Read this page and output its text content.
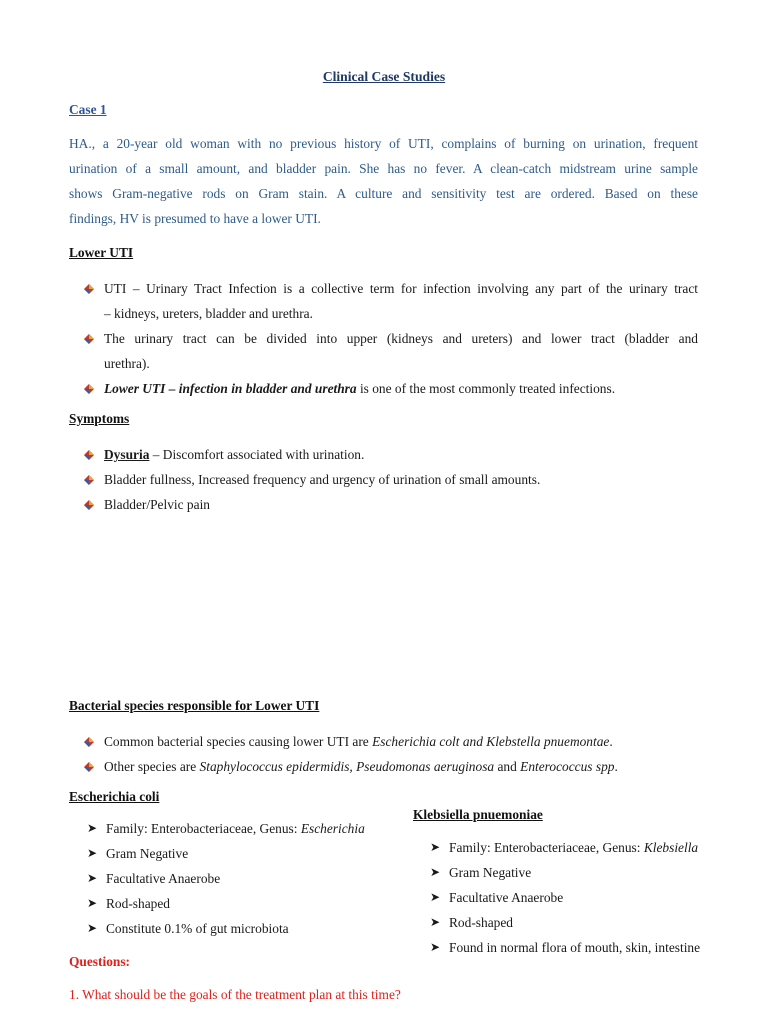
Clinical Case Studies
Case 1
HA., a 20-year old woman with no previous history of UTI, complains of burning on urination, frequent
urination of a small amount, and bladder pain. She has no fever. A clean-catch midstream urine sample
shows Gram-negative rods on Gram stain. A culture and sensitivity test are ordered. Based on these
findings, HV is presumed to have a lower UTI.
Lower UTI
UTI – Urinary Tract Infection is a collective term for infection involving any part of the urinary tract
– kidneys, ureters, bladder and urethra.
The urinary tract can be divided into upper (kidneys and ureters) and lower tract (bladder and
urethra).
Lower UTI – infection in bladder and urethra is one of the most commonly treated infections.
Symptoms
Dysuria – Discomfort associated with urination.
Bladder fullness, Increased frequency and urgency of urination of small amounts.
Bladder/Pelvic pain
Bacterial species responsible for Lower UTI
Common bacterial species causing lower UTI are Escherichia colt and Klebstella pnuemontae.
Other species are Staphylococcus epidermidis, Pseudomonas aeruginosa and Enterococcus spp.
Escherichia coli
➤ Family: Enterobacteriaceae, Genus: Escherichia
➤ Gram Negative
➤ Facultative Anaerobe
➤ Rod-shaped
➤ Constitute 0.1% of gut microbiota
Klebsiella pnuemoniae
➤ Family: Enterobacteriaceae, Genus: Klebsiella
➤ Gram Negative
➤ Facultative Anaerobe
➤ Rod-shaped
➤ Found in normal flora of mouth, skin, intestine
Questions:
1. What should be the goals of the treatment plan at this time?
